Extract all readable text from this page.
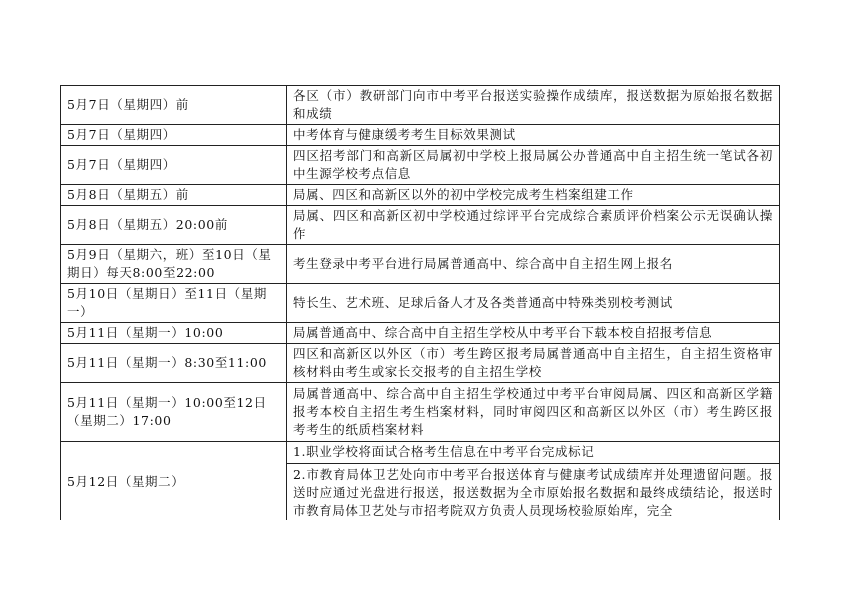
5月7日（星期四）前	各区（市）教研部门向市中考平台报送实验操作成绩库，报送数据为原始报名数据和成绩
5月7日（星期四）	中考体育与健康缓考考生目标效果测试
5月7日（星期四）	四区招考部门和高新区局属初中学校上报局属公办普通高中自主招生统一笔试各初中生源学校考点信息
5月8日（星期五）前	局属、四区和高新区以外的初中学校完成考生档案组建工作
5月8日（星期五）20:00前	局属、四区和高新区初中学校通过综评平台完成综合素质评价档案公示无误确认操作
5月9日（星期六，班）至10日（星期日）每天8:00至22:00	考生登录中考平台进行局属普通高中、综合高中自主招生网上报名
5月10日（星期日）至11日（星期一）	特长生、艺术班、足球后备人才及各类普通高中特殊类别校考测试
5月11日（星期一）10:00	局属普通高中、综合高中自主招生学校从中考平台下载本校自招报考信息
5月11日（星期一）8:30至11:00	四区和高新区以外区（市）考生跨区报考局属普通高中自主招生，自主招生资格审核材料由考生或家长交报考的自主招生学校
5月11日（星期一）10:00至12日（星期二）17:00	局属普通高中、综合高中自主招生学校通过中考平台审阅局属、四区和高新区学籍报考本校自主招生考生档案材料，同时审阅四区和高新区以外区（市）考生跨区报考考生的纸质档案材料
5月12日（星期二）	1.职业学校将面试合格考生信息在中考平台完成标记
2.市教育局体卫艺处向市中考平台报送体育与健康考试成绩库并处理遗留问题。报送时应通过光盘进行报送，报送数据为全市原始报名数据和最终成绩结论，报送时市教育局体卫艺处与市招考院双方负责人员现场校验原始库，完全
